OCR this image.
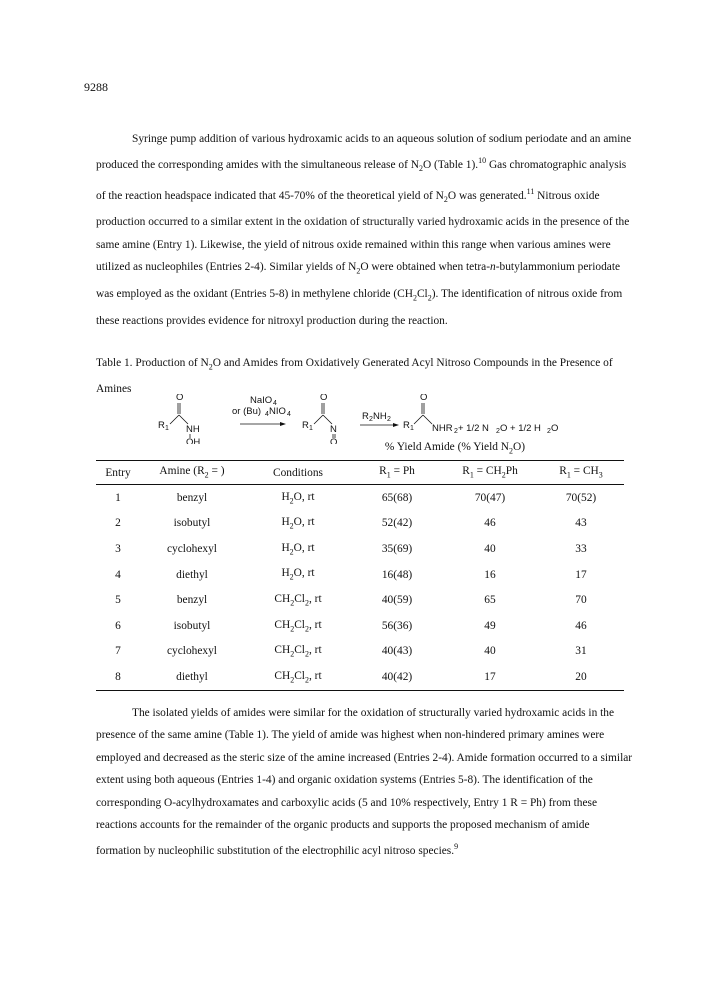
9288

Syringe pump addition of various hydroxamic acids to an aqueous solution of sodium periodate and an amine produced the corresponding amides with the simultaneous release of $N_2O$ (Table 1).$^{10}$ Gas chromatographic analysis of the reaction headspace indicated that 45-70% of the theoretical yield of $N_2O$ was generated.$^{11}$ Nitrous oxide production occurred to a similar extent in the oxidation of structurally varied hydroxamic acids in the presence of the same amine (Entry 1). Likewise, the yield of nitrous oxide remained within this range when various amines were utilized as nucleophiles (Entries 2-4). Similar yields of $N_2O$ were obtained when tetra-n-butylammonium periodate was employed as the oxidant (Entries 5-8) in methylene chloride $(CH_2Cl_2)$. The identification of nitrous oxide from these reactions provides evidence for nitroxyl production during the reaction.

Table 1. Production of $N_2O$ and Amides from Oxidatively Generated Acyl Nitroso Compounds in the Presence of Amines
O
R 1 NH
OH
NaIO 4
or (Bu) 4 NIO 4
O
R 1 N
O
R 2 NH 2
O
R 1 NHR 2 + 1/2 N 2 O + 1/2 H 2 O
% Yield Amide (% Yield $N_2O$)
Entry	Amine ($R_2$ = )	Conditions	$R_1 = Ph$	$R_1 = CH_2Ph$	$R_1 = CH_3$
1	benzyl	$H_2O$, rt	65(68)	70(47)	70(52)
2	isobutyl	$H_2O$, rt	52(42)	46	43
3	cyclohexyl	$H_2O$, rt	35(69)	40	33
4	diethyl	$H_2O$, rt	16(48)	16	17
5	benzyl	$CH_2Cl_2$, rt	40(59)	65	70
6	isobutyl	$CH_2Cl_2$, rt	56(36)	49	46
7	cyclohexyl	$CH_2Cl_2$, rt	40(43)	40	31
8	diethyl	$CH_2Cl_2$, rt	40(42)	17	20

The isolated yields of amides were similar for the oxidation of structurally varied hydroxamic acids in the presence of the same amine (Table 1). The yield of amide was highest when non-hindered primary amines were employed and decreased as the steric size of the amine increased (Entries 2-4). Amide formation occurred to a similar extent using both aqueous (Entries 1-4) and organic oxidation systems (Entries 5-8). The identification of the corresponding O-acylhydroxamates and carboxylic acids (5 and 10% respectively, Entry 1 R = Ph) from these reactions accounts for the remainder of the organic products and supports the proposed mechanism of amide formation by nucleophilic substitution of the electrophilic acyl nitroso species.$^9$
